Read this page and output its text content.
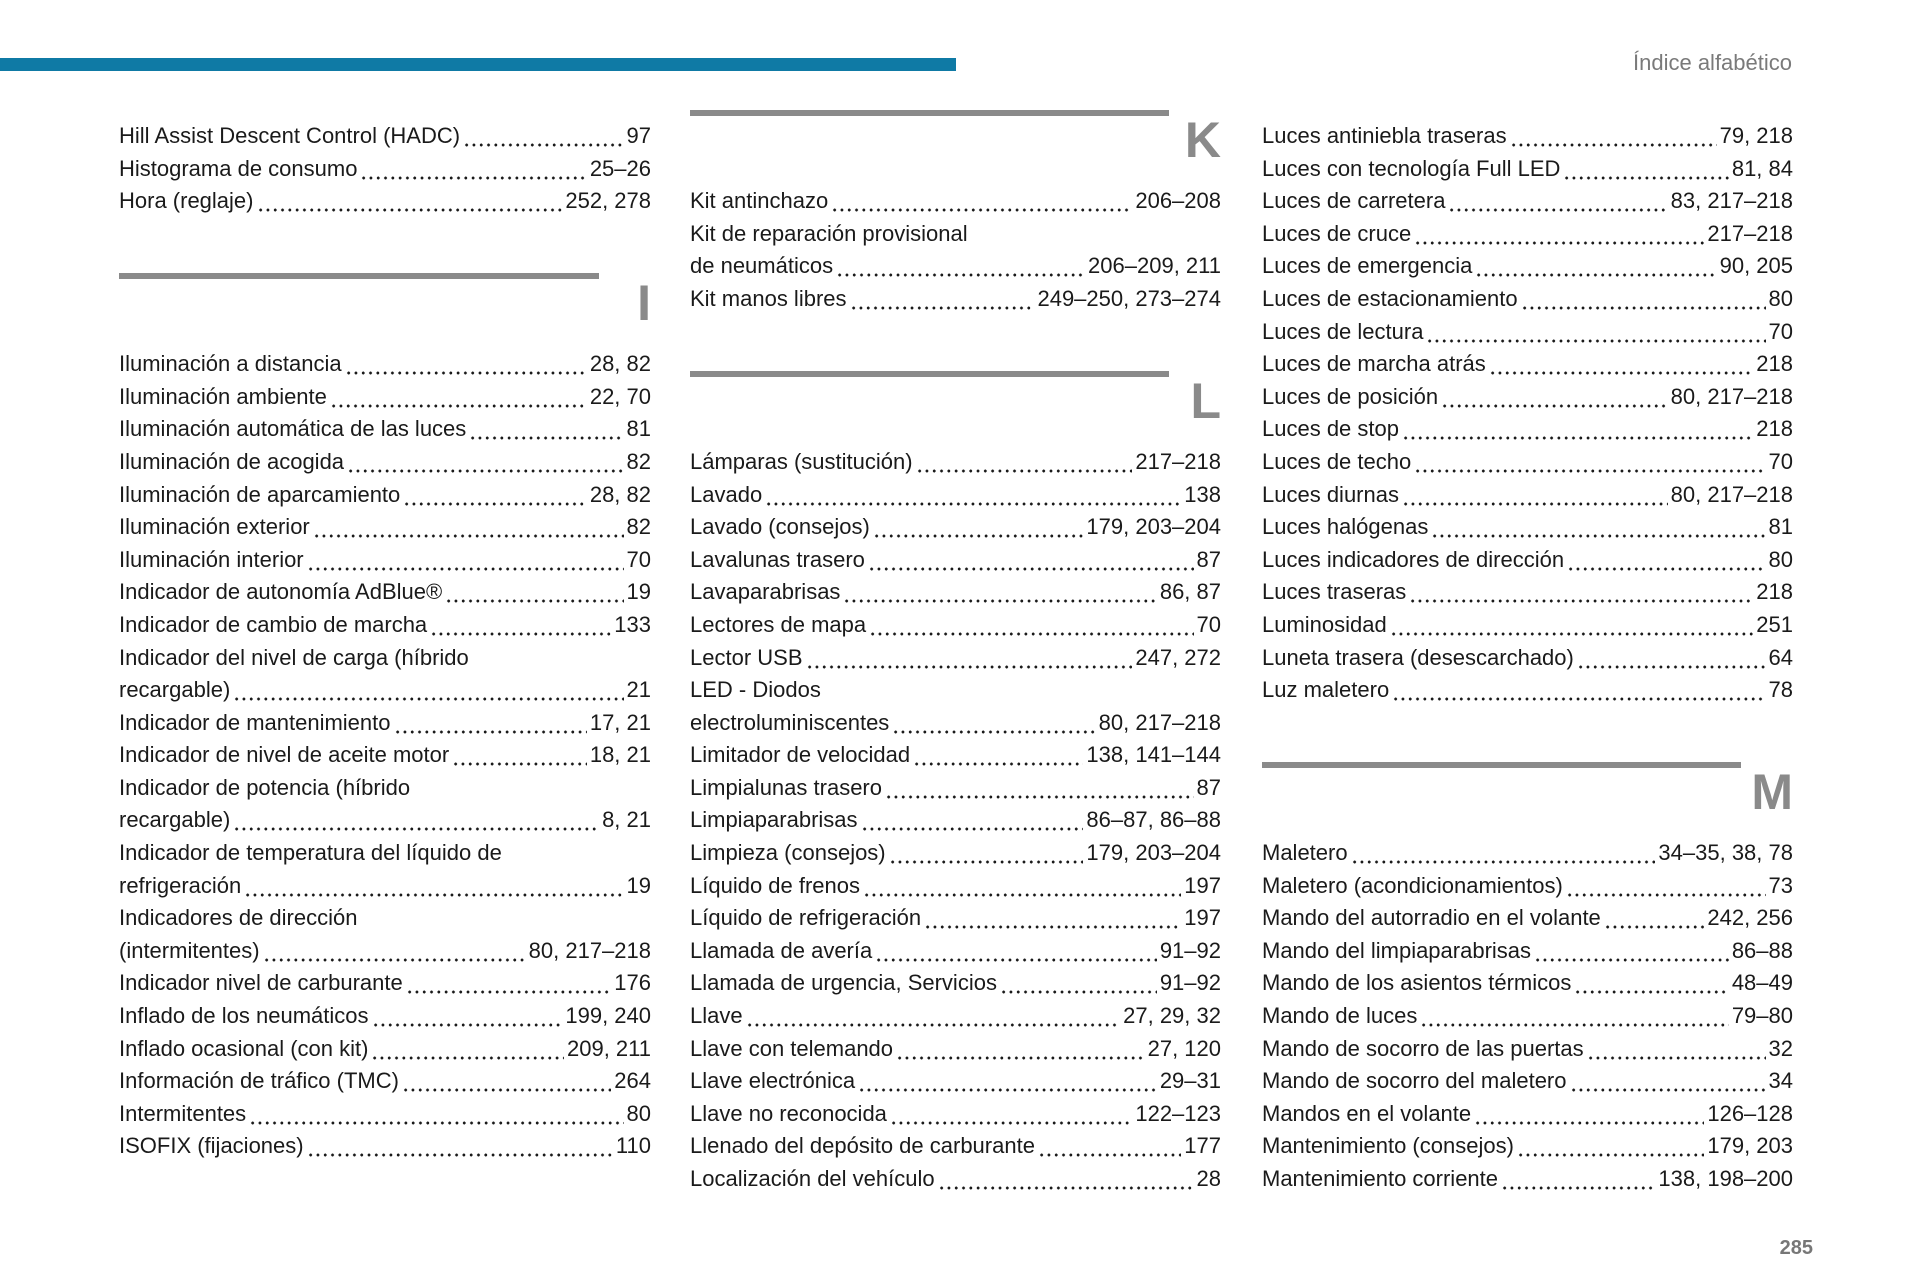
Índice alfabético
Hill Assist Descent Control (HADC)	97
Histograma de consumo	25–26
Hora (reglaje)	252, 278
I
Iluminación a distancia	28, 82
Iluminación ambiente	22, 70
Iluminación automática de las luces	81
Iluminación de acogida	82
Iluminación de aparcamiento	28, 82
Iluminación exterior	82
Iluminación interior	70
Indicador de autonomía AdBlue®	19
Indicador de cambio de marcha	133
Indicador del nivel de carga (híbrido
recargable)	21
Indicador de mantenimiento	17, 21
Indicador de nivel de aceite motor	18, 21
Indicador de potencia (híbrido
recargable)	8, 21
Indicador de temperatura del líquido de
refrigeración	19
Indicadores de dirección
(intermitentes)	80, 217–218
Indicador nivel de carburante	176
Inflado de los neumáticos	199, 240
Inflado ocasional (con kit)	209, 211
Información de tráfico (TMC)	264
Intermitentes	80
ISOFIX (fijaciones)	110
K
Kit antinchazo	206–208
Kit de reparación provisional
de neumáticos	206–209, 211
Kit manos libres	249–250, 273–274
L
Lámparas (sustitución)	217–218
Lavado	138
Lavado (consejos)	179, 203–204
Lavalunas trasero	87
Lavaparabrisas	86, 87
Lectores de mapa	70
Lector USB	247, 272
LED - Diodos
electroluminiscentes	80, 217–218
Limitador de velocidad	138, 141–144
Limpialunas trasero	87
Limpiaparabrisas	86–87, 86–88
Limpieza (consejos)	179, 203–204
Líquido de frenos	197
Líquido de refrigeración	197
Llamada de avería	91–92
Llamada de urgencia, Servicios	91–92
Llave	27, 29, 32
Llave con telemando	27, 120
Llave electrónica	29–31
Llave no reconocida	122–123
Llenado del depósito de carburante	177
Localización del vehículo	28
Luces antiniebla traseras	79, 218
Luces con tecnología Full LED	81, 84
Luces de carretera	83, 217–218
Luces de cruce	217–218
Luces de emergencia	90, 205
Luces de estacionamiento	80
Luces de lectura	70
Luces de marcha atrás	218
Luces de posición	80, 217–218
Luces de stop	218
Luces de techo	70
Luces diurnas	80, 217–218
Luces halógenas	81
Luces indicadores de dirección	80
Luces traseras	218
Luminosidad	251
Luneta trasera (desescarchado)	64
Luz maletero	78
M
Maletero	34–35, 38, 78
Maletero (acondicionamientos)	73
Mando del autorradio en el volante	242, 256
Mando del limpiaparabrisas	86–88
Mando de los asientos térmicos	48–49
Mando de luces	79–80
Mando de socorro de las puertas	32
Mando de socorro del maletero	34
Mandos en el volante	126–128
Mantenimiento (consejos)	179, 203
Mantenimiento corriente	138, 198–200
285
